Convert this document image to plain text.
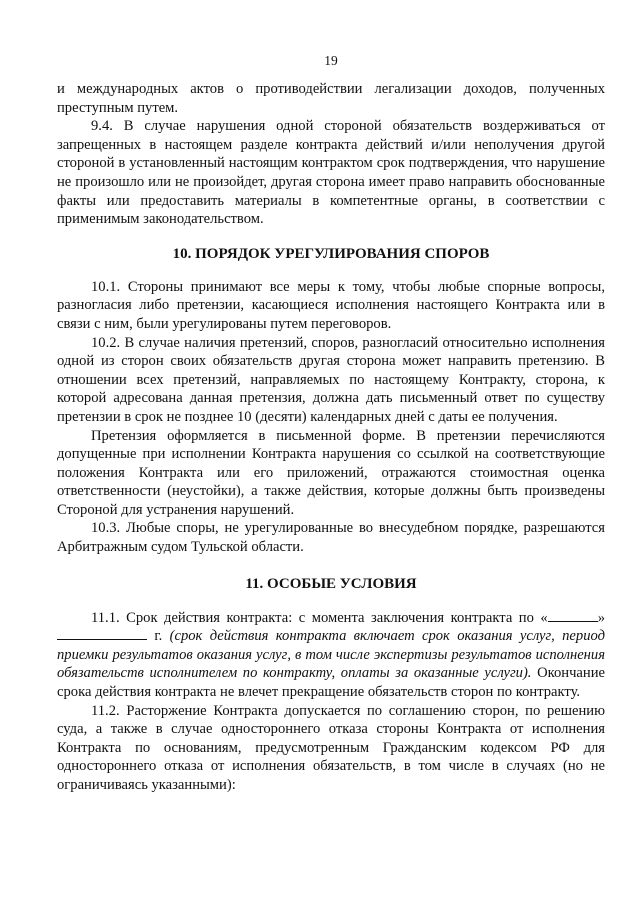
19

и международных актов о противодействии легализации доходов, полученных преступным путем.

9.4. В случае нарушения одной стороной обязательств воздерживаться от запрещенных в настоящем разделе контракта действий и/или неполучения другой стороной в установленный настоящим контрактом срок подтверждения, что нарушение не произошло или не произойдет, другая сторона имеет право направить обоснованные факты или предоставить материалы в компетентные органы, в соответствии с применимым законодательством.

10. ПОРЯДОК УРЕГУЛИРОВАНИЯ СПОРОВ

10.1. Стороны принимают все меры к тому, чтобы любые спорные вопросы, разногласия либо претензии, касающиеся исполнения настоящего Контракта или в связи с ним, были урегулированы путем переговоров.

10.2. В случае наличия претензий, споров, разногласий относительно исполнения одной из сторон своих обязательств другая сторона может направить претензию. В отношении всех претензий, направляемых по настоящему Контракту, сторона, к которой адресована данная претензия, должна дать письменный ответ по существу претензии в срок не позднее 10 (десяти) календарных дней с даты ее получения.

Претензия оформляется в письменной форме. В претензии перечисляются допущенные при исполнении Контракта нарушения со ссылкой на соответствующие положения Контракта или его приложений, отражаются стоимостная оценка ответственности (неустойки), а также действия, которые должны быть произведены Стороной для устранения нарушений.

10.3. Любые споры, не урегулированные во внесудебном порядке, разрешаются Арбитражным судом Тульской области.

11. ОСОБЫЕ УСЛОВИЯ

11.1. Срок действия контракта: с момента заключения контракта по «	»  г. (срок действия контракта включает срок оказания услуг, период приемки результатов оказания услуг, в том числе экспертизы результатов исполнения обязательств исполнителем по контракту, оплаты за оказанные услуги). Окончание срока действия контракта не влечет прекращение обязательств сторон по контракту.

11.2. Расторжение Контракта допускается по соглашению сторон, по решению суда, а также в случае одностороннего отказа стороны Контракта от исполнения Контракта по основаниям, предусмотренным Гражданским кодексом РФ для одностороннего отказа от исполнения обязательств, в том числе в случаях (но не ограничиваясь указанными):
